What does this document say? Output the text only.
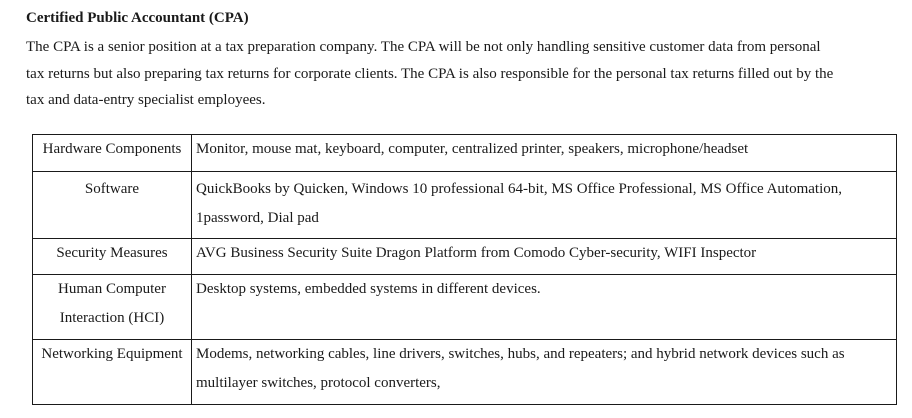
Certified Public Accountant (CPA)
The CPA is a senior position at a tax preparation company. The CPA will be not only handling sensitive customer data from personal
tax returns but also preparing tax returns for corporate clients. The CPA is also responsible for the personal tax returns filled out by the
tax and data-entry specialist employees.
Hardware Components	Monitor, mouse mat, keyboard, computer, centralized printer, speakers, microphone/headset

Software	QuickBooks by Quicken, Windows 10 professional 64-bit, MS Office Professional, MS Office Automation,
1password, Dial pad

Security Measures	AVG Business Security Suite Dragon Platform from Comodo Cyber-security, WIFI Inspector

Human Computer
Interaction (HCI)	Desktop systems, embedded systems in different devices.

Networking Equipment	Modems, networking cables, line drivers, switches, hubs, and repeaters; and hybrid network devices such as
multilayer switches, protocol converters,
